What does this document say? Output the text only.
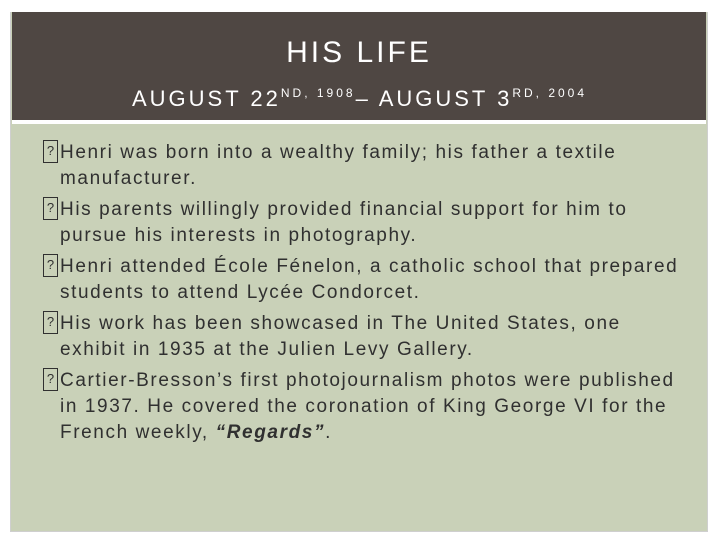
HIS LIFE
AUGUST $22^{ND, 1908}-$ AUGUST $3^{RD, 2004}$
? Henri was born into a wealthy family; his father a textile manufacturer.
? His parents willingly provided financial support for him to pursue his interests in photography.
? Henri attended École Fénelon, a catholic school that prepared students to attend Lycée Condorcet.
? His work has been showcased in The United States, one exhibit in 1935 at the Julien Levy Gallery.
? Cartier-Bresson’s first photojournalism photos were published in 1937. He covered the coronation of King George VI for the French weekly, “Regards”.
